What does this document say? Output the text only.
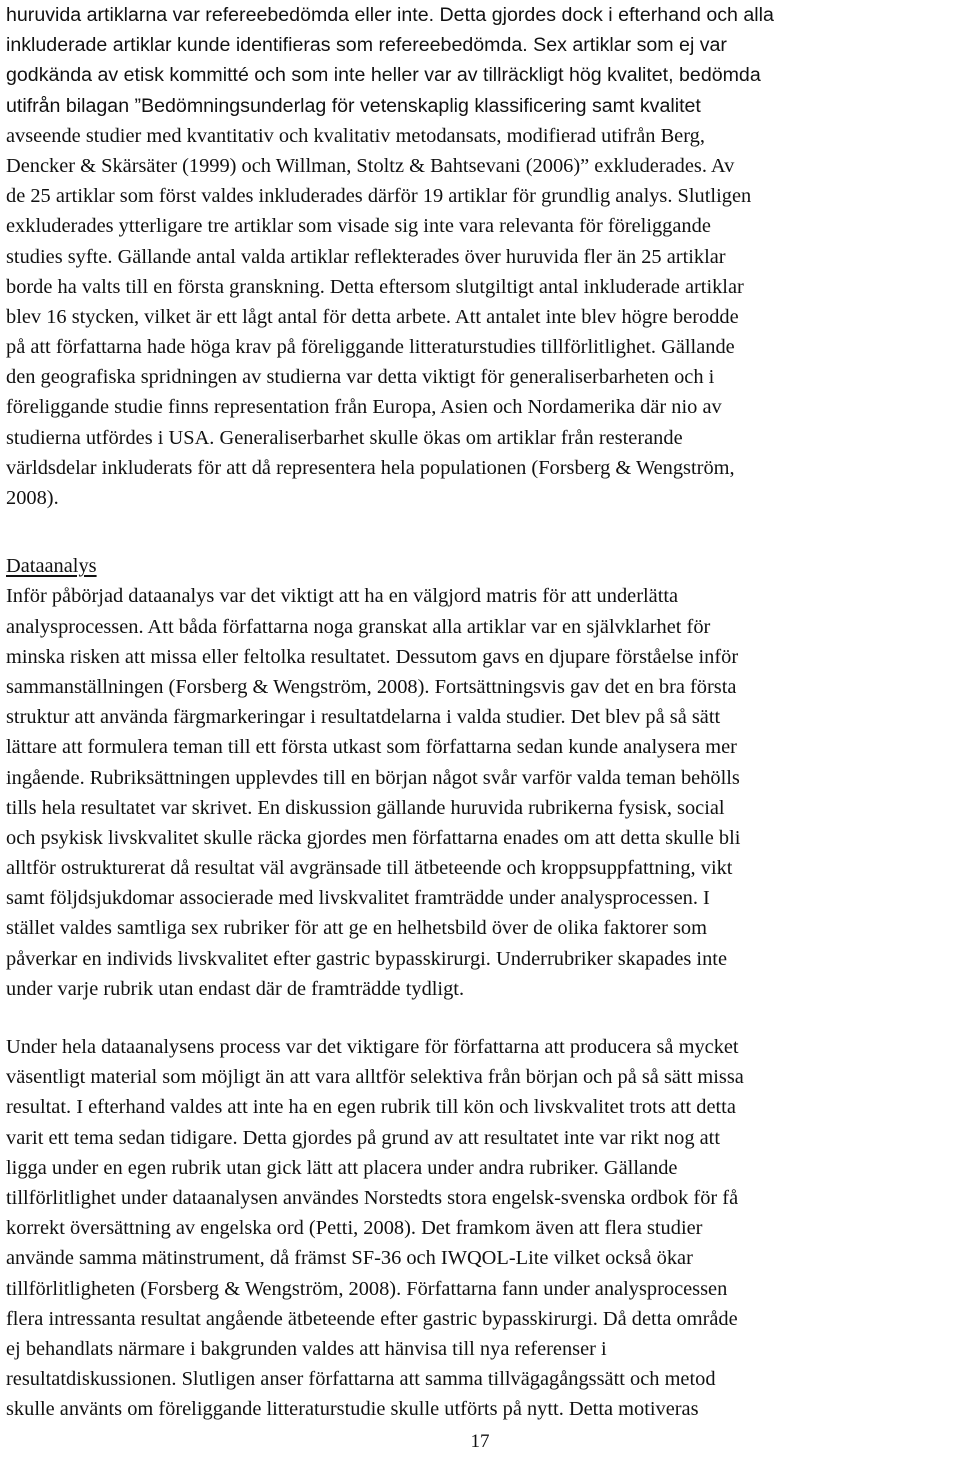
huruvida artiklarna var refereebedömda eller inte. Detta gjordes dock i efterhand och alla
inkluderade artiklar kunde identifieras som refereebedömda. Sex artiklar som ej var
godkända av etisk kommitté och som inte heller var av tillräckligt hög kvalitet, bedömda
utifrån bilagan ”Bedömningsunderlag för vetenskaplig klassificering samt kvalitet
avseende studier med kvantitativ och kvalitativ metodansats, modifierad utifrån Berg,
Dencker & Skärsäter (1999) och Willman, Stoltz & Bahtsevani (2006)” exkluderades. Av
de 25 artiklar som först valdes inkluderades därför 19 artiklar för grundlig analys. Slutligen
exkluderades ytterligare tre artiklar som visade sig inte vara relevanta för föreliggande
studies syfte. Gällande antal valda artiklar reflekterades över huruvida fler än 25 artiklar
borde ha valts till en första granskning. Detta eftersom slutgiltigt antal inkluderade artiklar
blev 16 stycken, vilket är ett lågt antal för detta arbete. Att antalet inte blev högre berodde
på att författarna hade höga krav på föreliggande litteraturstudies tillförlitlighet. Gällande
den geografiska spridningen av studierna var detta viktigt för generaliserbarheten och i
föreliggande studie finns representation från Europa, Asien och Nordamerika där nio av
studierna utfördes i USA. Generaliserbarhet skulle ökas om artiklar från resterande
världsdelar inkluderats för att då representera hela populationen (Forsberg & Wengström,
2008).
Dataanalys
Inför påbörjad dataanalys var det viktigt att ha en välgjord matris för att underlätta
analysprocessen. Att båda författarna noga granskat alla artiklar var en självklarhet för
minska risken att missa eller feltolka resultatet. Dessutom gavs en djupare förståelse inför
sammanställningen (Forsberg & Wengström, 2008). Fortsättningsvis gav det en bra första
struktur att använda färgmarkeringar i resultatdelarna i valda studier. Det blev på så sätt
lättare att formulera teman till ett första utkast som författarna sedan kunde analysera mer
ingående. Rubriksättningen upplevdes till en början något svår varför valda teman behölls
tills hela resultatet var skrivet. En diskussion gällande huruvida rubrikerna fysisk, social
och psykisk livskvalitet skulle räcka gjordes men författarna enades om att detta skulle bli
alltför ostrukturerat då resultat väl avgränsade till ätbeteende och kroppsuppfattning, vikt
samt följdsjukdomar associerade med livskvalitet framträdde under analysprocessen. I
stället valdes samtliga sex rubriker för att ge en helhetsbild över de olika faktorer som
påverkar en individs livskvalitet efter gastric bypasskirurgi. Underrubriker skapades inte
under varje rubrik utan endast där de framträdde tydligt.
Under hela dataanalysens process var det viktigare för författarna att producera så mycket
väsentligt material som möjligt än att vara alltför selektiva från början och på så sätt missa
resultat. I efterhand valdes att inte ha en egen rubrik till kön och livskvalitet trots att detta
varit ett tema sedan tidigare. Detta gjordes på grund av att resultatet inte var rikt nog att
ligga under en egen rubrik utan gick lätt att placera under andra rubriker. Gällande
tillförlitlighet under dataanalysen användes Norstedts stora engelsk-svenska ordbok för få
korrekt översättning av engelska ord (Petti, 2008). Det framkom även att flera studier
använde samma mätinstrument, då främst SF-36 och IWQOL-Lite vilket också ökar
tillförlitligheten (Forsberg & Wengström, 2008). Författarna fann under analysprocessen
flera intressanta resultat angående ätbeteende efter gastric bypasskirurgi. Då detta område
ej behandlats närmare i bakgrunden valdes att hänvisa till nya referenser i
resultatdiskussionen. Slutligen anser författarna att samma tillvägagångssätt och metod
skulle använts om föreliggande litteraturstudie skulle utförts på nytt. Detta motiveras
17
